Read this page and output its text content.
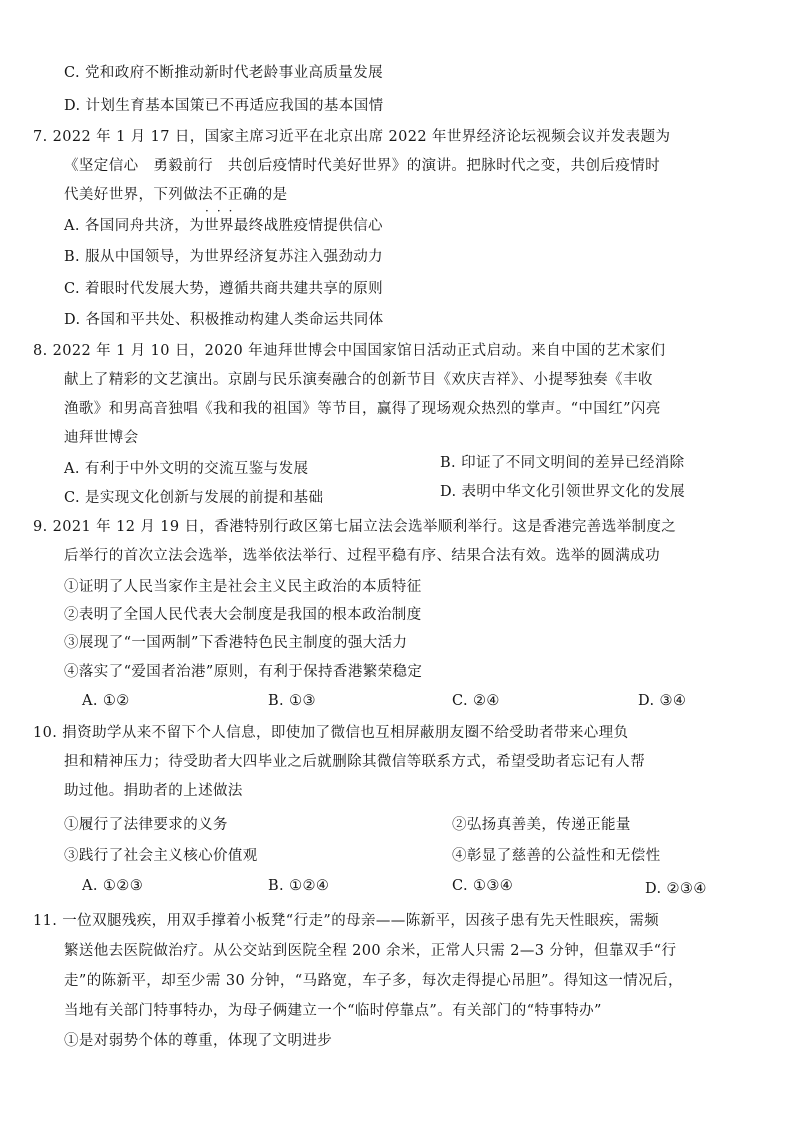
C. 党和政府不断推动新时代老龄事业高质量发展
D. 计划生育基本国策已不再适应我国的基本国情
7. 2022 年 1 月 17 日，国家主席习近平在北京出席 2022 年世界经济论坛视频会议并发表题为
《坚定信心　勇毅前行　共创后疫情时代美好世界》的演讲。把脉时代之变，共创后疫情时
代美好世界，下列做法不正确的是
···
A. 各国同舟共济，为世界最终战胜疫情提供信心
B. 服从中国领导，为世界经济复苏注入强劲动力
C. 着眼时代发展大势，遵循共商共建共享的原则
D. 各国和平共处、积极推动构建人类命运共同体
8. 2022 年 1 月 10 日，2020 年迪拜世博会中国国家馆日活动正式启动。来自中国的艺术家们
献上了精彩的文艺演出。京剧与民乐演奏融合的创新节目《欢庆吉祥》、小提琴独奏《丰收
渔歌》和男高音独唱《我和我的祖国》等节目，赢得了现场观众热烈的掌声。“中国红”闪亮
迪拜世博会
A. 有利于中外文明的交流互鉴与发展	B. 印证了不同文明间的差异已经消除
C. 是实现文化创新与发展的前提和基础	D. 表明中华文化引领世界文化的发展
9. 2021 年 12 月 19 日，香港特别行政区第七届立法会选举顺利举行。这是香港完善选举制度之
后举行的首次立法会选举，选举依法举行、过程平稳有序、结果合法有效。选举的圆满成功
①证明了人民当家作主是社会主义民主政治的本质特征
②表明了全国人民代表大会制度是我国的根本政治制度
③展现了“一国两制”下香港特色民主制度的强大活力
④落实了“爱国者治港”原则，有利于保持香港繁荣稳定
A. ①②	B. ①③	C. ②④	D. ③④
10. 捐资助学从来不留下个人信息，即使加了微信也互相屏蔽朋友圈不给受助者带来心理负
担和精神压力；待受助者大四毕业之后就删除其微信等联系方式，希望受助者忘记有人帮
助过他。捐助者的上述做法
①履行了法律要求的义务	②弘扬真善美，传递正能量
③践行了社会主义核心价值观	④彰显了慈善的公益性和无偿性
A. ①②③	B. ①②④	C. ①③④	D. ②③④
11. 一位双腿残疾，用双手撑着小板凳“行走”的母亲——陈新平，因孩子患有先天性眼疾，需频
繁送他去医院做治疗。从公交站到医院全程 200 余米，正常人只需 2—3 分钟，但靠双手“行
走”的陈新平，却至少需 30 分钟，“马路宽，车子多，每次走得提心吊胆”。得知这一情况后，
当地有关部门特事特办，为母子俩建立一个“临时停靠点”。有关部门的“特事特办”
①是对弱势个体的尊重，体现了文明进步
